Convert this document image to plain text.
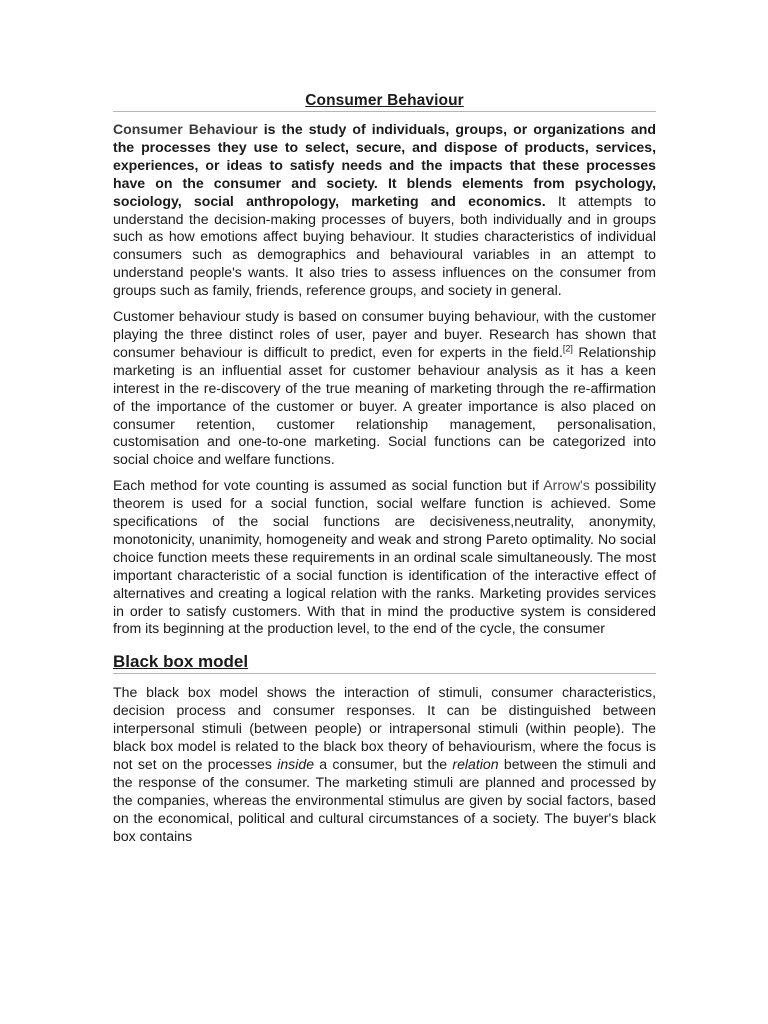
Consumer Behaviour

Consumer Behaviour is the study of individuals, groups, or organizations and the processes they use to select, secure, and dispose of products, services, experiences, or ideas to satisfy needs and the impacts that these processes have on the consumer and society. It blends elements from psychology, sociology, social anthropology, marketing and economics. It attempts to understand the decision-making processes of buyers, both individually and in groups such as how emotions affect buying behaviour. It studies characteristics of individual consumers such as demographics and behavioural variables in an attempt to understand people's wants. It also tries to assess influences on the consumer from groups such as family, friends, reference groups, and society in general.

Customer behaviour study is based on consumer buying behaviour, with the customer playing the three distinct roles of user, payer and buyer. Research has shown that consumer behaviour is difficult to predict, even for experts in the field.[2] Relationship marketing is an influential asset for customer behaviour analysis as it has a keen interest in the re-discovery of the true meaning of marketing through the re-affirmation of the importance of the customer or buyer. A greater importance is also placed on consumer retention, customer relationship management, personalisation, customisation and one-to-one marketing. Social functions can be categorized into social choice and welfare functions.

Each method for vote counting is assumed as social function but if Arrow's possibility theorem is used for a social function, social welfare function is achieved. Some specifications of the social functions are decisiveness,neutrality, anonymity, monotonicity, unanimity, homogeneity and weak and strong Pareto optimality. No social choice function meets these requirements in an ordinal scale simultaneously. The most important characteristic of a social function is identification of the interactive effect of alternatives and creating a logical relation with the ranks. Marketing provides services in order to satisfy customers. With that in mind the productive system is considered from its beginning at the production level, to the end of the cycle, the consumer

Black box model

The black box model shows the interaction of stimuli, consumer characteristics, decision process and consumer responses. It can be distinguished between interpersonal stimuli (between people) or intrapersonal stimuli (within people). The black box model is related to the black box theory of behaviourism, where the focus is not set on the processes inside a consumer, but the relation between the stimuli and the response of the consumer. The marketing stimuli are planned and processed by the companies, whereas the environmental stimulus are given by social factors, based on the economical, political and cultural circumstances of a society. The buyer's black box contains
